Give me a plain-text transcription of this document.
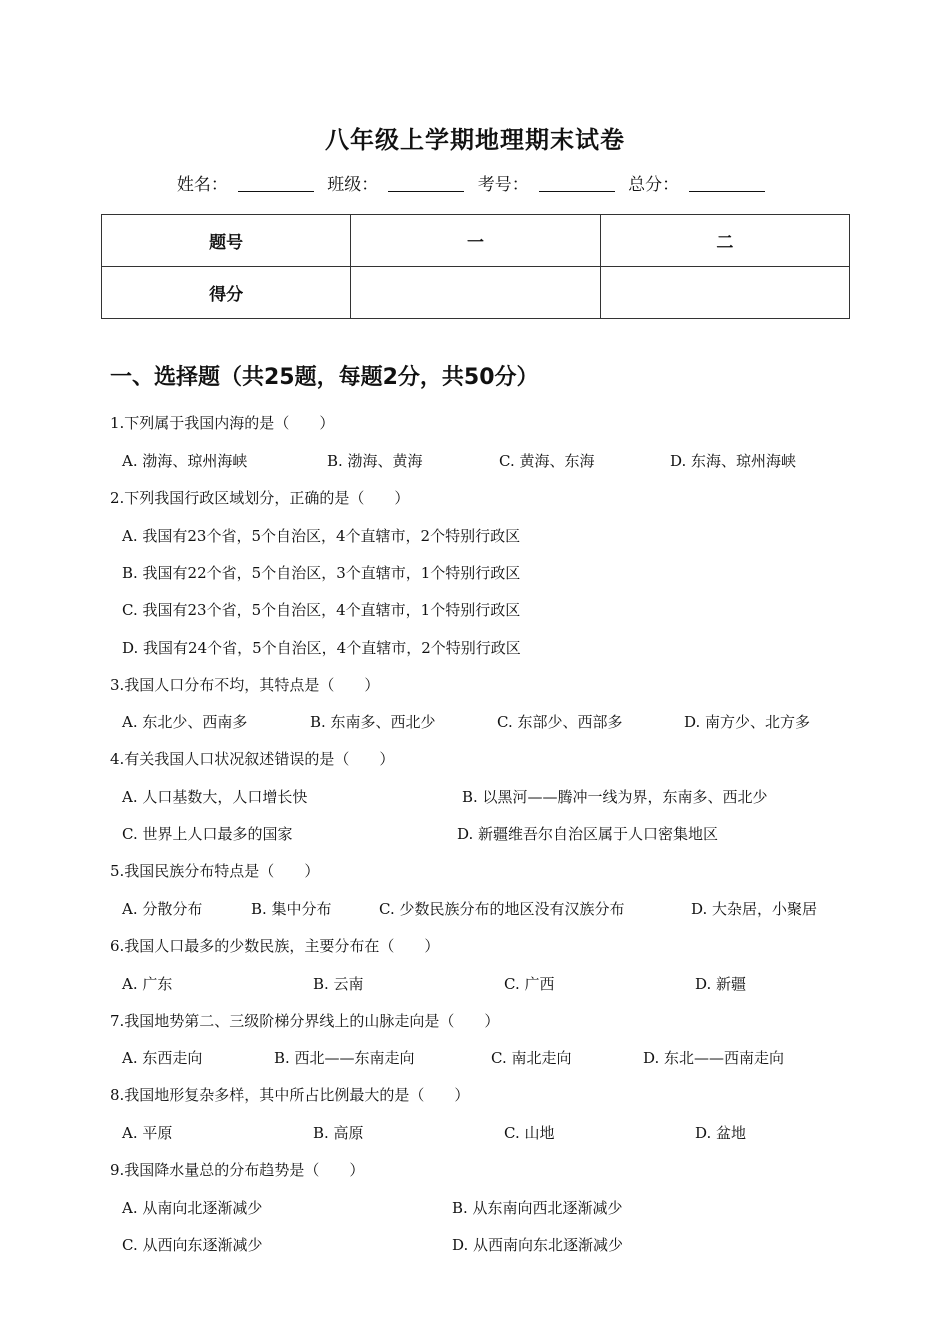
八年级上学期地理期末试卷
姓名：	班级：	考号：	总分：
题号	一	二
得分		
一、选择题（共25题，每题2分，共50分）
1.下列属于我国内海的是（　　）
A. 渤海、琼州海峡	B. 渤海、黄海	C. 黄海、东海	D. 东海、琼州海峡
2.下列我国行政区域划分，正确的是（　　）
A. 我国有23个省，5个自治区，4个直辖市，2个特别行政区
B. 我国有22个省，5个自治区，3个直辖市，1个特别行政区
C. 我国有23个省，5个自治区，4个直辖市，1个特别行政区
D. 我国有24个省，5个自治区，4个直辖市，2个特别行政区
3.我国人口分布不均，其特点是（　　）
A. 东北少、西南多	B. 东南多、西北少	C. 东部少、西部多	D. 南方少、北方多
4.有关我国人口状况叙述错误的是（　　）
A. 人口基数大，人口增长快	B. 以黑河——腾冲一线为界，东南多、西北少
C. 世界上人口最多的国家	D. 新疆维吾尔自治区属于人口密集地区
5.我国民族分布特点是（　　）
A. 分散分布	B. 集中分布	C. 少数民族分布的地区没有汉族分布	D. 大杂居，小聚居
6.我国人口最多的少数民族，主要分布在（　　）
A. 广东	B. 云南	C. 广西	D. 新疆
7.我国地势第二、三级阶梯分界线上的山脉走向是（　　）
A. 东西走向	B. 西北——东南走向	C. 南北走向	D. 东北——西南走向
8.我国地形复杂多样，其中所占比例最大的是（　　）
A. 平原	B. 高原	C. 山地	D. 盆地
9.我国降水量总的分布趋势是（　　）
A. 从南向北逐渐减少	B. 从东南向西北逐渐减少
C. 从西向东逐渐减少	D. 从西南向东北逐渐减少
